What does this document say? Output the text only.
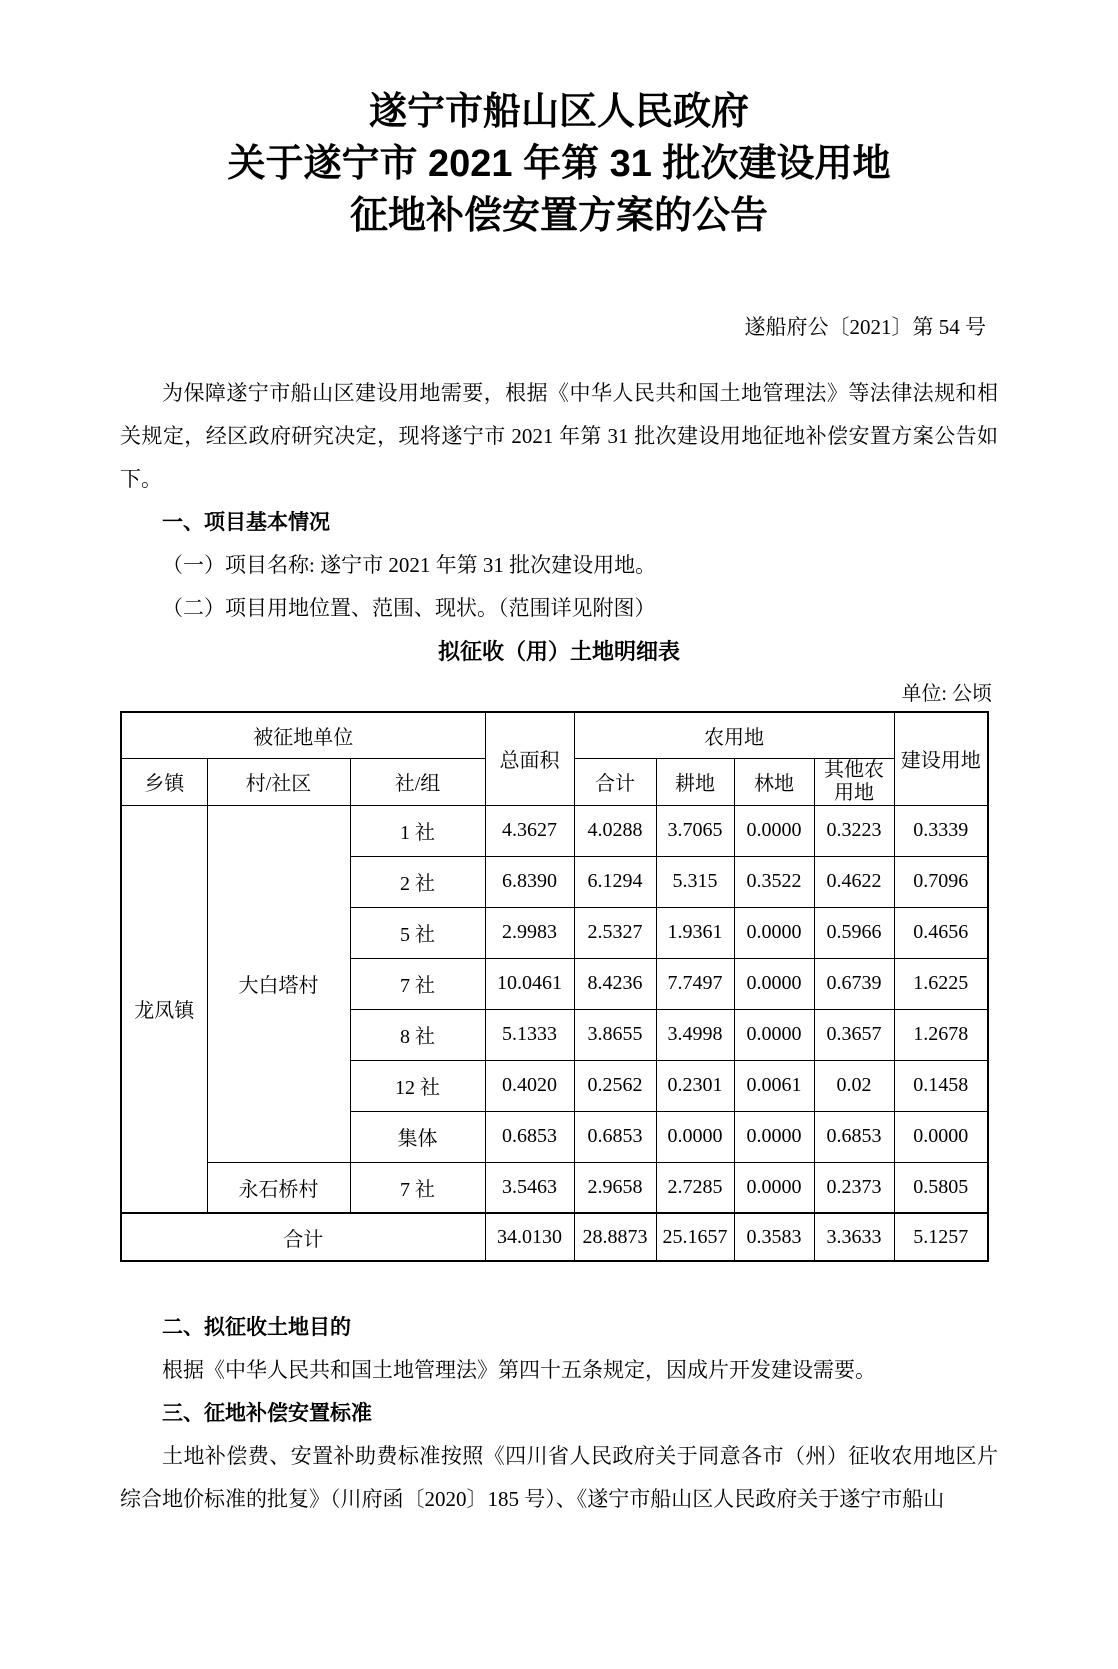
遂宁市船山区人民政府
关于遂宁市 2021 年第 31 批次建设用地
征地补偿安置方案的公告
遂船府公〔2021〕第 54 号

为保障遂宁市船山区建设用地需要，根据《中华人民共和国土地管理法》等法律法规和相关规定，经区政府研究决定，现将遂宁市 2021 年第 31 批次建设用地征地补偿安置方案公告如下。

一、项目基本情况

（一）项目名称: 遂宁市 2021 年第 31 批次建设用地。

（二）项目用地位置、范围、现状。（范围详见附图）

拟征收（用）土地明细表
单位: 公顷
被征地单位			总面积	农用地				建设用地
乡镇	村/社区	社/组		合计	耕地	林地	其他农用地	
龙凤镇	大白塔村	1 社	4.3627	4.0288	3.7065	0.0000	0.3223	0.3339
		2 社	6.8390	6.1294	5.315	0.3522	0.4622	0.7096
		5 社	2.9983	2.5327	1.9361	0.0000	0.5966	0.4656
		7 社	10.0461	8.4236	7.7497	0.0000	0.6739	1.6225
		8 社	5.1333	3.8655	3.4998	0.0000	0.3657	1.2678
		12 社	0.4020	0.2562	0.2301	0.0061	0.02	0.1458
		集体	0.6853	0.6853	0.0000	0.0000	0.6853	0.0000
	永石桥村	7 社	3.5463	2.9658	2.7285	0.0000	0.2373	0.5805
合计			34.0130	28.8873	25.1657	0.3583	3.3633	5.1257

二、拟征收土地目的

根据《中华人民共和国土地管理法》第四十五条规定，因成片开发建设需要。

三、征地补偿安置标准

土地补偿费、安置补助费标准按照《四川省人民政府关于同意各市（州）征收农用地区片综合地价标准的批复》（川府函〔2020〕185 号）、《遂宁市船山区人民政府关于遂宁市船山
